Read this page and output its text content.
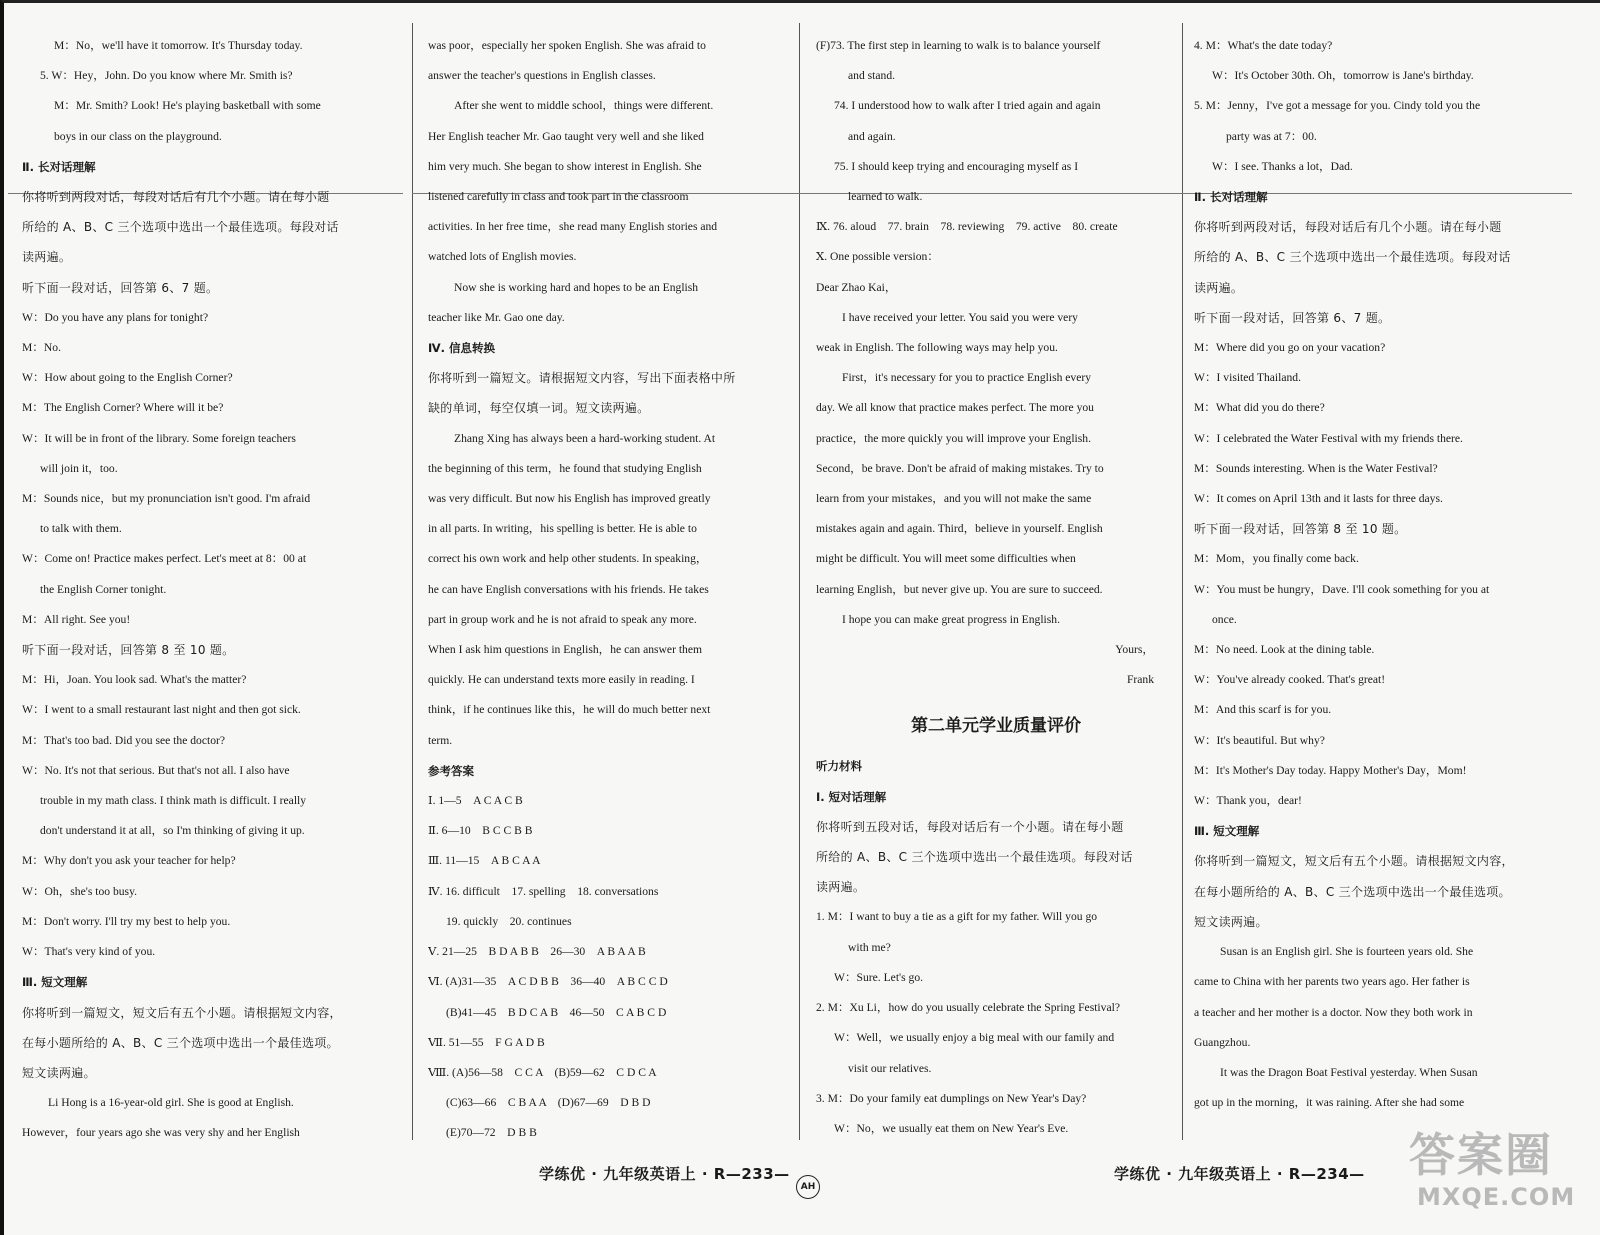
M：No，we'll have it tomorrow. It's Thursday today.
5. W：Hey，John. Do you know where Mr. Smith is?
M：Mr. Smith? Look! He's playing basketball with some
boys in our class on the playground.
Ⅱ. 长对话理解
你将听到两段对话，每段对话后有几个小题。请在每小题
所给的 A、B、C 三个选项中选出一个最佳选项。每段对话
读两遍。
听下面一段对话，回答第 6、7 题。
W：Do you have any plans for tonight?
M：No.
W：How about going to the English Corner?
M：The English Corner? Where will it be?
W：It will be in front of the library. Some foreign teachers
will join it，too.
M：Sounds nice，but my pronunciation isn't good. I'm afraid
to talk with them.
W：Come on! Practice makes perfect. Let's meet at 8：00 at
the English Corner tonight.
M：All right. See you!
听下面一段对话，回答第 8 至 10 题。
M：Hi，Joan. You look sad. What's the matter?
W：I went to a small restaurant last night and then got sick.
M：That's too bad. Did you see the doctor?
W：No. It's not that serious. But that's not all. I also have
trouble in my math class. I think math is difficult. I really
don't understand it at all，so I'm thinking of giving it up.
M：Why don't you ask your teacher for help?
W：Oh，she's too busy.
M：Don't worry. I'll try my best to help you.
W：That's very kind of you.
Ⅲ. 短文理解
你将听到一篇短文，短文后有五个小题。请根据短文内容，
在每小题所给的 A、B、C 三个选项中选出一个最佳选项。
短文读两遍。
Li Hong is a 16-year-old girl. She is good at English.
However，four years ago she was very shy and her English
was poor，especially her spoken English. She was afraid to
answer the teacher's questions in English classes.
After she went to middle school，things were different.
Her English teacher Mr. Gao taught very well and she liked
him very much. She began to show interest in English. She
listened carefully in class and took part in the classroom
activities. In her free time，she read many English stories and
watched lots of English movies.
Now she is working hard and hopes to be an English
teacher like Mr. Gao one day.
Ⅳ. 信息转换
你将听到一篇短文。请根据短文内容，写出下面表格中所
缺的单词，每空仅填一词。短文读两遍。
Zhang Xing has always been a hard-working student. At
the beginning of this term，he found that studying English
was very difficult. But now his English has improved greatly
in all parts. In writing，his spelling is better. He is able to
correct his own work and help other students. In speaking，
he can have English conversations with his friends. He takes
part in group work and he is not afraid to speak any more.
When I ask him questions in English，he can answer them
quickly. He can understand texts more easily in reading. I
think，if he continues like this，he will do much better next
term.
参考答案
Ⅰ. 1—5　A C A C B
Ⅱ. 6—10　B C C B B
Ⅲ. 11—15　A B C A A
Ⅳ. 16. difficult　17. spelling　18. conversations
19. quickly　20. continues
Ⅴ. 21—25　B D A B B　26—30　A B A A B
Ⅵ. (A)31—35　A C D B B　36—40　A B C C D
(B)41—45　B D C A B　46—50　C A B C D
Ⅶ. 51—55　F G A D B
Ⅷ. (A)56—58　C C A　(B)59—62　C D C A
(C)63—66　C B A A　(D)67—69　D B D
(E)70—72　D B B
(F)73. The first step in learning to walk is to balance yourself
and stand.
74. I understood how to walk after I tried again and again
and again.
75. I should keep trying and encouraging myself as I
learned to walk.
Ⅸ. 76. aloud　77. brain　78. reviewing　79. active　80. create
Ⅹ. One possible version：
Dear Zhao Kai，
I have received your letter. You said you were very
weak in English. The following ways may help you.
First，it's necessary for you to practice English every
day. We all know that practice makes perfect. The more you
practice，the more quickly you will improve your English.
Second，be brave. Don't be afraid of making mistakes. Try to
learn from your mistakes，and you will not make the same
mistakes again and again. Third，believe in yourself. English
might be difficult. You will meet some difficulties when
learning English，but never give up. You are sure to succeed.
I hope you can make great progress in English.
Yours，
Frank
第二单元学业质量评价
听力材料
Ⅰ. 短对话理解
你将听到五段对话，每段对话后有一个小题。请在每小题
所给的 A、B、C 三个选项中选出一个最佳选项。每段对话
读两遍。
1. M：I want to buy a tie as a gift for my father. Will you go
with me?
W：Sure. Let's go.
2. M：Xu Li，how do you usually celebrate the Spring Festival?
W：Well，we usually enjoy a big meal with our family and
visit our relatives.
3. M：Do your family eat dumplings on New Year's Day?
W：No，we usually eat them on New Year's Eve.
4. M：What's the date today?
W：It's October 30th. Oh，tomorrow is Jane's birthday.
5. M：Jenny，I've got a message for you. Cindy told you the
party was at 7：00.
W：I see. Thanks a lot，Dad.
Ⅱ. 长对话理解
你将听到两段对话，每段对话后有几个小题。请在每小题
所给的 A、B、C 三个选项中选出一个最佳选项。每段对话
读两遍。
听下面一段对话，回答第 6、7 题。
M：Where did you go on your vacation?
W：I visited Thailand.
M：What did you do there?
W：I celebrated the Water Festival with my friends there.
M：Sounds interesting. When is the Water Festival?
W：It comes on April 13th and it lasts for three days.
听下面一段对话，回答第 8 至 10 题。
M：Mom，you finally come back.
W：You must be hungry，Dave. I'll cook something for you at
once.
M：No need. Look at the dining table.
W：You've already cooked. That's great!
M：And this scarf is for you.
W：It's beautiful. But why?
M：It's Mother's Day today. Happy Mother's Day，Mom!
W：Thank you，dear!
Ⅲ. 短文理解
你将听到一篇短文，短文后有五个小题。请根据短文内容，
在每小题所给的 A、B、C 三个选项中选出一个最佳选项。
短文读两遍。
Susan is an English girl. She is fourteen years old. She
came to China with her parents two years ago. Her father is
a teacher and her mother is a doctor. Now they both work in
Guangzhou.
It was the Dragon Boat Festival yesterday. When Susan
got up in the morning，it was raining. After she had some
学练优 · 九年级英语上 · R—233—
AH
学练优 · 九年级英语上 · R—234— 答案圈
MXQE.COM
